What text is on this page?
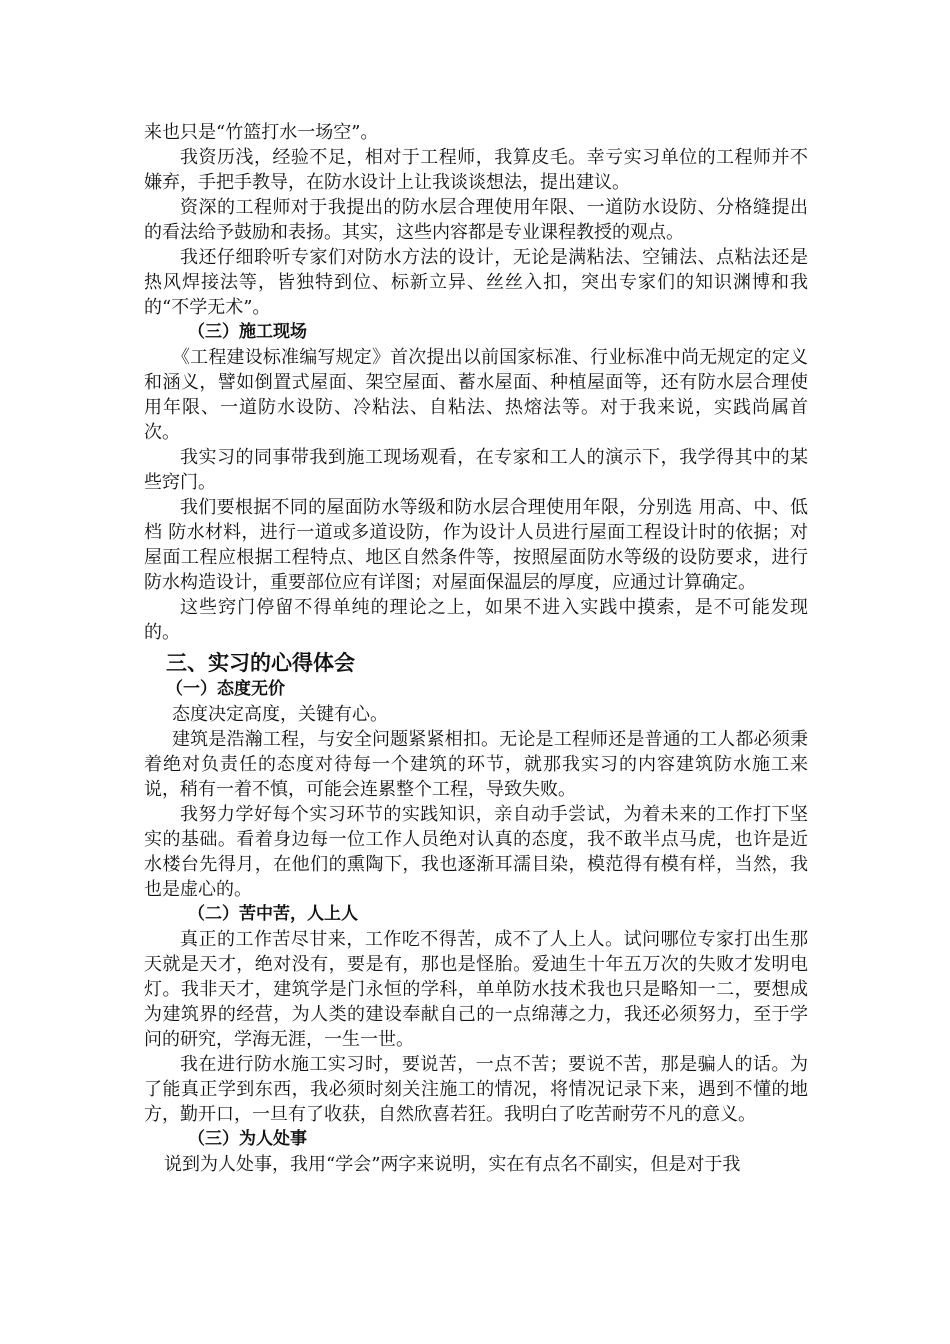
来也只是“竹篮打水一场空”。

我资历浅，经验不足，相对于工程师，我算皮毛。幸亏实习单位的工程师并不嫌弃，手把手教导，在防水设计上让我谈谈想法，提出建议。

资深的工程师对于我提出的防水层合理使用年限、一道防水设防、分格缝提出的看法给予鼓励和表扬。其实，这些内容都是专业课程教授的观点。

我还仔细聆听专家们对防水方法的设计，无论是满粘法、空铺法、点粘法还是热风焊接法等，皆独特到位、标新立异、丝丝入扣，突出专家们的知识渊博和我的“不学无术”。

（三）施工现场

《工程建设标准编写规定》首次提出以前国家标准、行业标准中尚无规定的定义和涵义，譬如倒置式屋面、架空屋面、蓄水屋面、种植屋面等，还有防水层合理使用年限、一道防水设防、冷粘法、自粘法、热熔法等。对于我来说，实践尚属首次。

我实习的同事带我到施工现场观看，在专家和工人的演示下，我学得其中的某些窍门。

我们要根据不同的屋面防水等级和防水层合理使用年限，分别选 用高、中、低档 防水材料，进行一道或多道设防，作为设计人员进行屋面工程设计时的依据；对屋面工程应根据工程特点、地区自然条件等，按照屋面防水等级的设防要求，进行防水构造设计，重要部位应有详图；对屋面保温层的厚度，应通过计算确定。

这些窍门停留不得单纯的理论之上，如果不进入实践中摸索，是不可能发现的。

三、实习的心得体会
（一）态度无价

态度决定高度，关键有心。

建筑是浩瀚工程，与安全问题紧紧相扣。无论是工程师还是普通的工人都必须秉着绝对负责任的态度对待每一个建筑的环节，就那我实习的内容建筑防水施工来说，稍有一着不慎，可能会连累整个工程，导致失败。

我努力学好每个实习环节的实践知识，亲自动手尝试，为着未来的工作打下坚实的基础。看着身边每一位工作人员绝对认真的态度，我不敢半点马虎，也许是近水楼台先得月，在他们的熏陶下，我也逐渐耳濡目染，模范得有模有样，当然，我也是虚心的。

（二）苦中苦，人上人

真正的工作苦尽甘来，工作吃不得苦，成不了人上人。试问哪位专家打出生那天就是天才，绝对没有，要是有，那也是怪胎。爱迪生十年五万次的失败才发明电灯。我非天才，建筑学是门永恒的学科，单单防水技术我也只是略知一二，要想成为建筑界的经营，为人类的建设奉献自己的一点绵薄之力，我还必须努力，至于学问的研究，学海无涯，一生一世。

我在进行防水施工实习时，要说苦，一点不苦；要说不苦，那是骗人的话。为了能真正学到东西，我必须时刻关注施工的情况，将情况记录下来，遇到不懂的地方，勤开口，一旦有了收获，自然欣喜若狂。我明白了吃苦耐劳不凡的意义。

（三）为人处事

说到为人处事，我用“学会”两字来说明，实在有点名不副实，但是对于我
